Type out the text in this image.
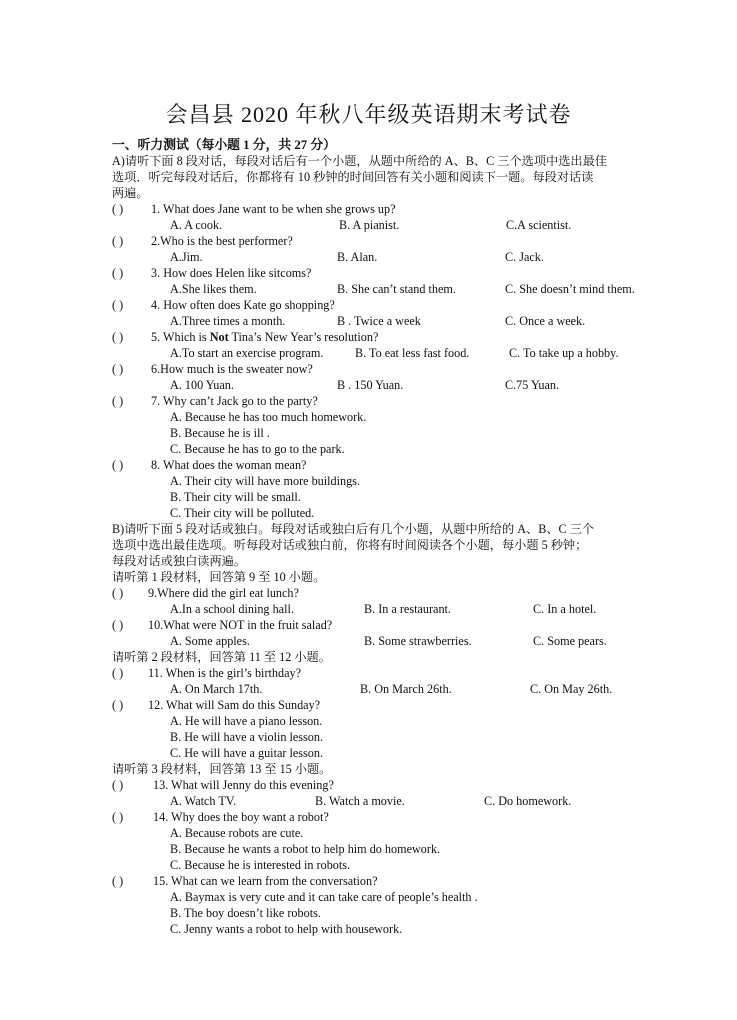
会昌县 2020 年秋八年级英语期末考试卷
一、听力测试（每小题 1 分，共 27 分）
A)请听下面 8 段对话，每段对话后有一个小题，从题中所给的 A、B、C 三个选项中选出最佳
选项．听完每段对话后，你都将有 10 秒钟的时间回答有关小题和阅读下一题。每段对话读
两遍。
( ) 1. What does Jane want to be when she grows up?
A. A cook.	B. A pianist.	C.A scientist.
( ) 2.Who is the best performer?
A.Jim.	B. Alan.	C. Jack.
( ) 3. How does Helen like sitcoms?
A.She likes them.	B. She can’t stand them.	C. She doesn’t mind them.
( ) 4. How often does Kate go shopping?
A.Three times a month.	B . Twice a week	C. Once a week.
( ) 5. Which is Not Tina’s New Year’s resolution?
A.To start an exercise program.	B. To eat less fast food.	C. To take up a hobby.
( ) 6.How much is the sweater now?
A. 100 Yuan.	B . 150 Yuan.	C.75 Yuan.
( ) 7. Why can’t Jack go to the party?
A. Because he has too much homework.
B. Because he is ill .
C. Because he has to go to the park.
( ) 8. What does the woman mean?
A. Their city will have more buildings.
B. Their city will be small.
C. Their city will be polluted.
B)请听下面 5 段对话或独白。每段对话或独白后有几个小题，从题中所给的 A、B、C 三个
选项中选出最佳选项。听每段对话或独白前，你将有时间阅读各个小题，每小题 5 秒钟；
每段对话或独白读两遍。
请听第 1 段材料，回答第 9 至 10 小题。
( ) 9.Where did the girl eat lunch?
A.In a school dining hall.	B. In a restaurant.	C. In a hotel.
( ) 10.What were NOT in the fruit salad?
A. Some apples.	B. Some strawberries.	C. Some pears.
请听第 2 段材料，回答第 11 至 12 小题。
( ) 11. When is the girl’s birthday?
A. On March 17th.	B. On March 26th.	C. On May 26th.
( ) 12. What will Sam do this Sunday?
A. He will have a piano lesson.
B. He will have a violin lesson.
C. He will have a guitar lesson.
请听第 3 段材料，回答第 13 至 15 小题。
( ) 13. What will Jenny do this evening?
A. Watch TV.	B. Watch a movie.	C. Do homework.
( ) 14. Why does the boy want a robot?
A. Because robots are cute.
B. Because he wants a robot to help him do homework.
C. Because he is interested in robots.
( ) 15. What can we learn from the conversation?
A. Baymax is very cute and it can take care of people’s health .
B. The boy doesn’t like robots.
C. Jenny wants a robot to help with housework.
